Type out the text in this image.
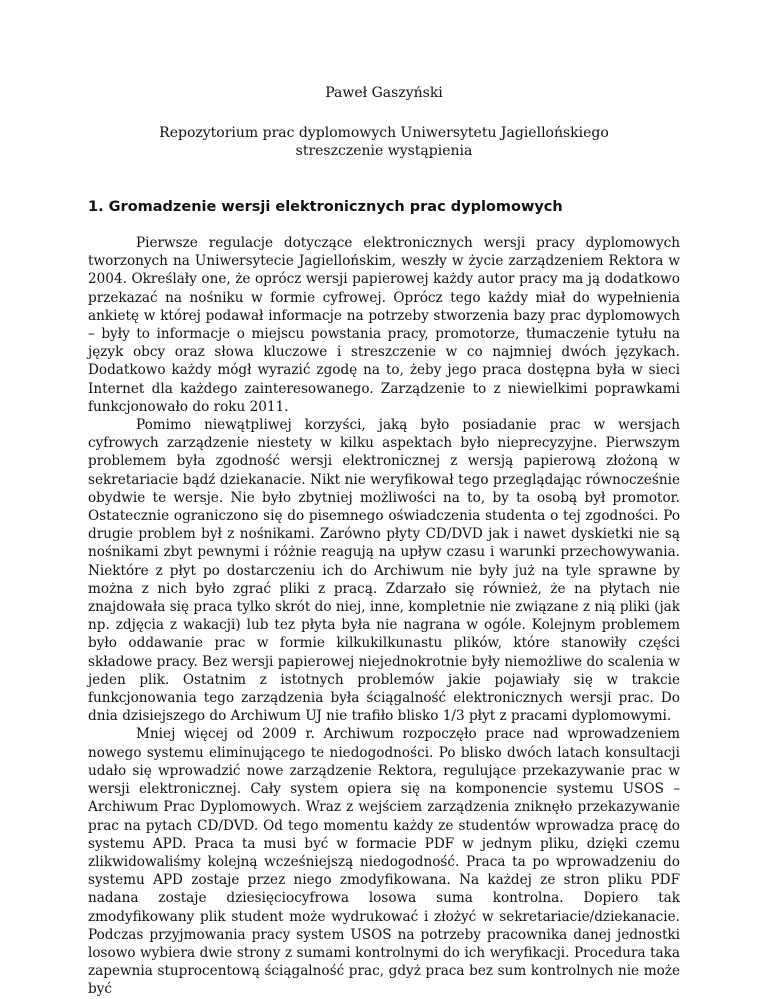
Paweł Gaszyński
Repozytorium prac dyplomowych Uniwersytetu Jagiellońskiego
streszczenie wystąpienia
1. Gromadzenie wersji elektronicznych prac dyplomowych

Pierwsze regulacje dotyczące elektronicznych wersji pracy dyplomowych tworzonych na Uniwersytecie Jagiellońskim, weszły w życie zarządzeniem Rektora w 2004. Określały one, że oprócz wersji papierowej każdy autor pracy ma ją dodatkowo przekazać na nośniku w formie cyfrowej. Oprócz tego każdy miał do wypełnienia ankietę w której podawał informacje na potrzeby stworzenia bazy prac dyplomowych – były to informacje o miejscu powstania pracy, promotorze, tłumaczenie tytułu na język obcy oraz słowa kluczowe i streszczenie w co najmniej dwóch językach. Dodatkowo każdy mógł wyrazić zgodę na to, żeby jego praca dostępna była w sieci Internet dla każdego zainteresowanego. Zarządzenie to z niewielkimi poprawkami funkcjonowało do roku 2011.

Pomimo niewątpliwej korzyści, jaką było posiadanie prac w wersjach cyfrowych zarządzenie niestety w kilku aspektach było nieprecyzyjne. Pierwszym problemem była zgodność wersji elektronicznej z wersją papierową złożoną w sekretariacie bądź dziekanacie. Nikt nie weryfikował tego przeglądając równocześnie obydwie te wersje. Nie było zbytniej możliwości na to, by ta osobą był promotor. Ostatecznie ograniczono się do pisemnego oświadczenia studenta o tej zgodności. Po drugie problem był z nośnikami. Zarówno płyty CD/DVD jak i nawet dyskietki nie są nośnikami zbyt pewnymi i różnie reagują na upływ czasu i warunki przechowywania. Niektóre z płyt po dostarczeniu ich do Archiwum nie były już na tyle sprawne by można z nich było zgrać pliki z pracą. Zdarzało się również, że na płytach nie znajdowała się praca tylko skrót do niej, inne, kompletnie nie związane z nią pliki (jak np. zdjęcia z wakacji) lub tez płyta była nie nagrana w ogóle. Kolejnym problemem było oddawanie prac w formie kilkukilkunastu plików, które stanowiły części składowe pracy. Bez wersji papierowej niejednokrotnie były niemożliwe do scalenia w jeden plik. Ostatnim z istotnych problemów jakie pojawiały się w trakcie funkcjonowania tego zarządzenia była ściągalność elektronicznych wersji prac. Do dnia dzisiejszego do Archiwum UJ nie trafiło blisko 1/3 płyt z pracami dyplomowymi.

Mniej więcej od 2009 r. Archiwum rozpoczęło prace nad wprowadzeniem nowego systemu eliminującego te niedogodności. Po blisko dwóch latach konsultacji udało się wprowadzić nowe zarządzenie Rektora, regulujące przekazywanie prac w wersji elektronicznej. Cały system opiera się na komponencie systemu USOS – Archiwum Prac Dyplomowych. Wraz z wejściem zarządzenia zniknęło przekazywanie prac na pytach CD/DVD. Od tego momentu każdy ze studentów wprowadza pracę do systemu APD. Praca ta musi być w formacie PDF w jednym pliku, dzięki czemu zlikwidowaliśmy kolejną wcześniejszą niedogodność. Praca ta po wprowadzeniu do systemu APD zostaje przez niego zmodyfikowana. Na każdej ze stron pliku PDF nadana zostaje dziesięciocyfrowa losowa suma kontrolna. Dopiero tak zmodyfikowany plik student może wydrukować i złożyć w sekretariacie/dziekanacie. Podczas przyjmowania pracy system USOS na potrzeby pracownika danej jednostki losowo wybiera dwie strony z sumami kontrolnymi do ich weryfikacji. Procedura taka zapewnia stuprocentową ściągalność prac, gdyż praca bez sum kontrolnych nie może być
